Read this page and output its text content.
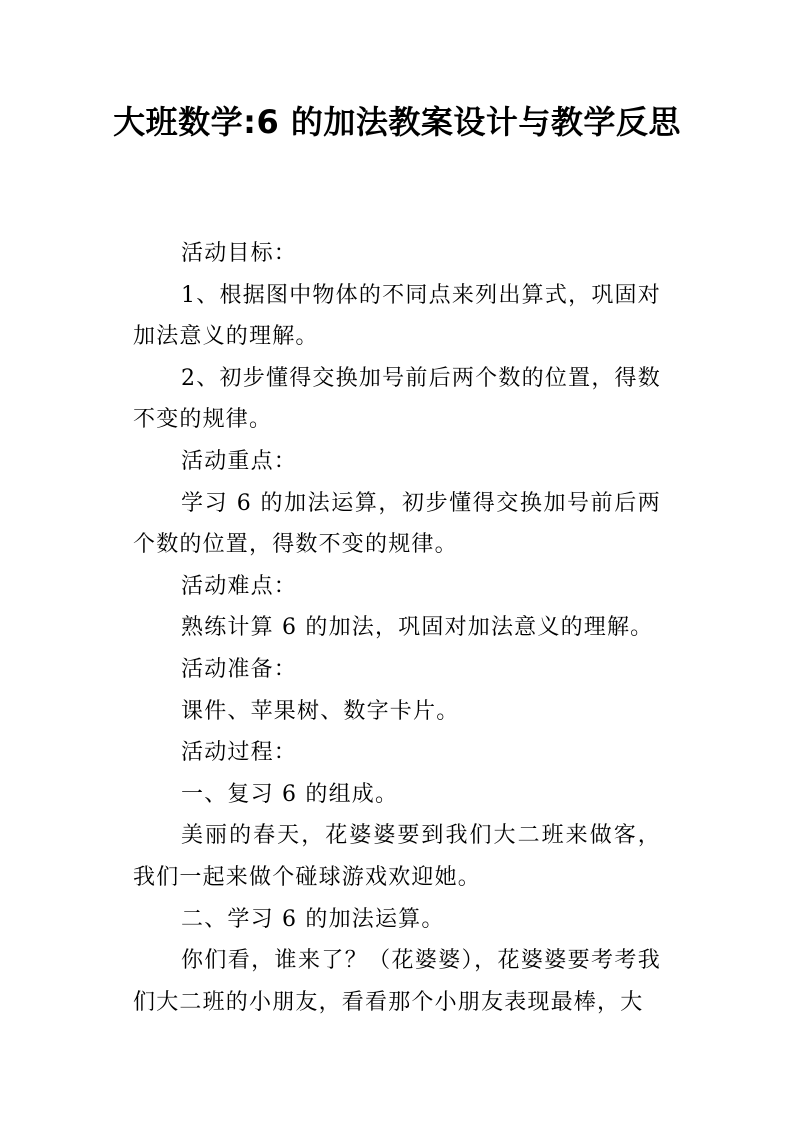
大班数学:6 的加法教案设计与教学反思

活动目标：

1、根据图中物体的不同点来列出算式，巩固对加法意义的理解。

2、初步懂得交换加号前后两个数的位置，得数不变的规律。

活动重点：

学习 6 的加法运算，初步懂得交换加号前后两个数的位置，得数不变的规律。

活动难点：

熟练计算 6 的加法，巩固对加法意义的理解。

活动准备：

课件、苹果树、数字卡片。

活动过程：

一、复习 6 的组成。

美丽的春天，花婆婆要到我们大二班来做客，我们一起来做个碰球游戏欢迎她。

二、学习 6 的加法运算。

你们看，谁来了？（花婆婆），花婆婆要考考我们大二班的小朋友，看看那个小朋友表现最棒，大
